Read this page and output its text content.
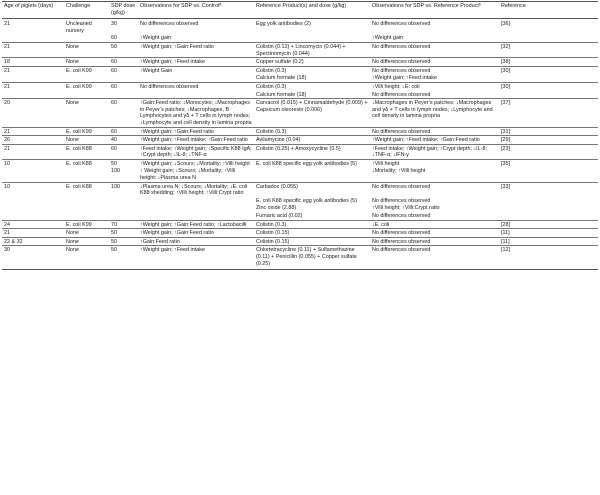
Age of piglets (days)	Challenge	SDP dose (g/kg)	Observations for SDP vs. Controlª	Reference Product(s) and dose (g/kg)	Observations for SDP vs. Reference Productᵇ	Reference
21	Uncleaned nursery	30	No differences observed	Egg yolk antibodies (2)	No differences observed	[36]
		60	↑Weight gain		↑Weight gain	
21	None	50	↑Weight gain; ↑Gain:Feed ratio	Colistin (0.12) + Lincomycin (0.044) + Spectinomycin (0.044)	No differences observed	[32]
18	None	60	↑Weight gain; ↑Feed intake	Copper sulfate (0.2)	No differences observed	[38]
21	E. coli K99	60	↑Weight Gain	Colistin (0.3)	No differences observed	[30]
				Calcium formate (18)	↑Weight gain; ↑Feed intake	
21	E. coli K99	60	No differences observed	Colistin (0.3)	↑Villi height; ↓E. coli	[30]
				Calcium formate (18)	No differences observed	
20	None	60	↑Gain:Feed ratio; ↓Monocytes; ↓Macrophages in Peyer’s patches; ↓Macrophages, B Lymphocytes and γδ + T cells in lymph nodes; ↓Lymphocyte and cell density in lamina propria	Carvacrol (0.015) + Cinnamaldehyde (0.009) + Capsicum oleoresin (0.006)	↓Macrophages in Peyer’s patches; ↓Macrophages and γδ + T cells in lymph nodes; ↓Lymphocyte and cell density in lamina propria	[37]
21	E. coli K99	60	↑Weight gain; ↑Gain:Feed ratio	Colistin (0.3)	No differences observed	[31]
26	None	40	↑Weight gain; ↑Feed intake; ↑Gain:Feed ratio	Avilamycine (0.04)	↑Weight gain; ↑Feed intake; ↑Gain:Feed ratio	[29]
21	E. coli K88	60	↑Feed intake; ↑Weight gain; ↓Specific K88 IgA; ↑Crypt depth; ↓IL-8; ↓TNF-α	Colistin (0.25) + Amoxycycline (0.5)	↑Feed intake; ↑Weight gain; ↑Crypt depth; ↓IL-8; ↓TNF-α; ↓IFN-γ	[23]
10	E. coli K88	50	↑Weight gain; ↓Scours; ↓Mortality; ↑Villi height	E. coli K88 specific egg yolk antibodies (5)	↑Villi height	[35]
		100	↑ Weight gain; ↓Scours; ↓Mortality; ↑Villi height; ↓Plasma urea N		↓Mortality; ↑Villi height	
10	E. coli K88	100	↓Plasma urea N; ↓Scours; ↓Mortality; ↓E. coli K88 shedding; ↑Villi height; ↑Villi:Crypt ratio	Carbadox (0.055)	No differences observed	[33]
				E. coli K88 specific egg yolk antibodies (5)	No differences observed	
				Zinc oxide (2.88)	↑Villi height; ↑Villi:Crypt ratio	
				Fumaric acid (0.02)	No differences observed	
24	E. coli K99	70	↑Weight gain; ↑Gain:Feed ratio; ↑Lactobacilli	Colistin (0.3)	↓E. coli	[28]
21	None	50	↑Weight gain; ↑Gain:Feed ratio	Colistin (0.15)	No differences observed	[11]
22 & 32	None	50	↑Gain:Feed ratio	Colistin (0.15)	No differences observed	[11]
30	None	50	↑Weight gain; ↑Feed intake	Chlortetracycline (0.11) + Sulfamethazine (0.11) + Penicillin (0.055) + Copper sulfate (0.25)	No differences observed	[12]
